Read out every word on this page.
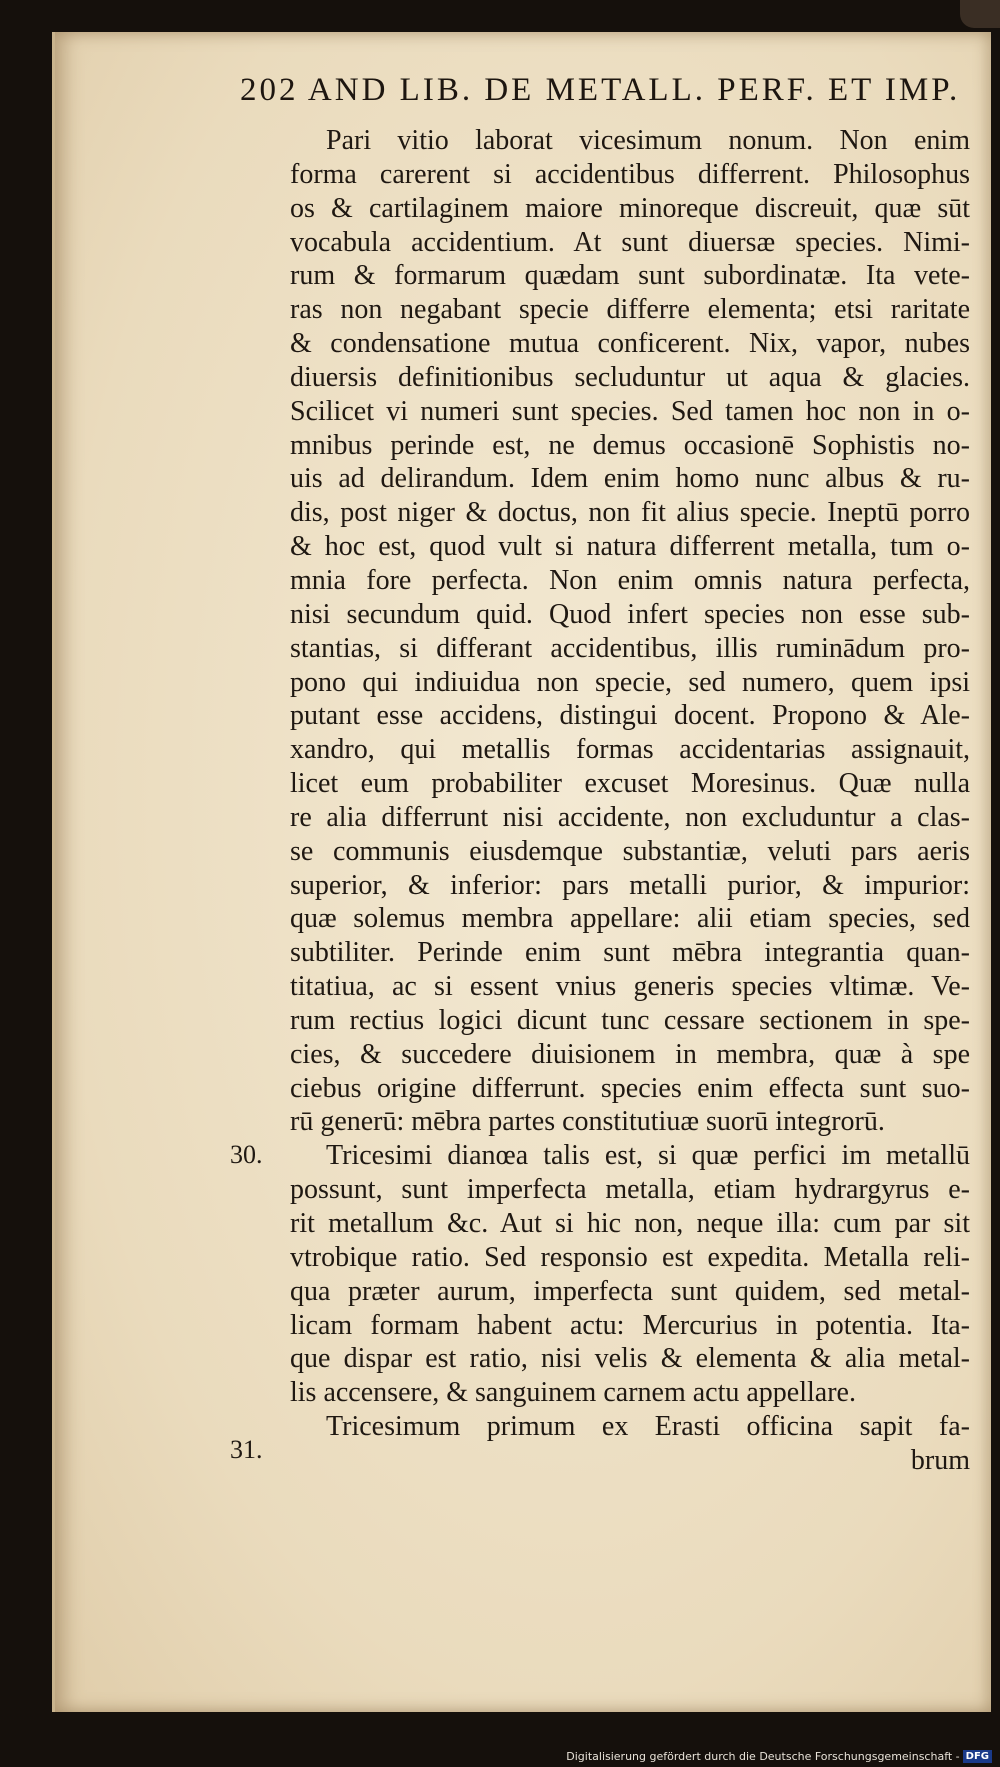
202 AND LIB. DE METALL. PERF. ET IMP.
30.
31.
Pari vitio laborat vicesimum nonum. Non enim
forma carerent si accidentibus differrent. Philosophus
os & cartilaginem maiore minoreque discreuit, quæ sūt
vocabula accidentium. At sunt diuersæ species. Nimi-
rum & formarum quædam sunt subordinatæ. Ita vete-
ras non negabant specie differre elementa; etsi raritate
& condensatione mutua conficerent. Nix, vapor, nubes
diuersis definitionibus secluduntur ut aqua & glacies.
Scilicet vi numeri sunt species. Sed tamen hoc non in o-
mnibus perinde est, ne demus occasionē Sophistis no-
uis ad delirandum. Idem enim homo nunc albus & ru-
dis, post niger & doctus, non fit alius specie. Ineptū porro
& hoc est, quod vult si natura differrent metalla, tum o-
mnia fore perfecta. Non enim omnis natura perfecta,
nisi secundum quid. Quod infert species non esse sub-
stantias, si differant accidentibus, illis ruminādum pro-
pono qui indiuidua non specie, sed numero, quem ipsi
putant esse accidens, distingui docent. Propono & Ale-
xandro, qui metallis formas accidentarias assignauit,
licet eum probabiliter excuset Moresinus. Quæ nulla
re alia differrunt nisi accidente, non excluduntur a clas-
se communis eiusdemque substantiæ, veluti pars aeris
superior, & inferior: pars metalli purior, & impurior:
quæ solemus membra appellare: alii etiam species, sed
subtiliter. Perinde enim sunt mēbra integrantia quan-
titatiua, ac si essent vnius generis species vltimæ. Ve-
rum rectius logici dicunt tunc cessare sectionem in spe-
cies, & succedere diuisionem in membra, quæ à spe
ciebus origine differrunt. species enim effecta sunt suo-
rū generū: mēbra partes constitutiuæ suorū integrorū.
Tricesimi dianœa talis est, si quæ perfici im metallū
possunt, sunt imperfecta metalla, etiam hydrargyrus e-
rit metallum &c. Aut si hic non, neque illa: cum par sit
vtrobique ratio. Sed responsio est expedita. Metalla reli-
qua præter aurum, imperfecta sunt quidem, sed metal-
licam formam habent actu: Mercurius in potentia. Ita-
que dispar est ratio, nisi velis & elementa & alia metal-
lis accensere, & sanguinem carnem actu appellare.
Tricesimum primum ex Erasti officina sapit fa-
brum
Digitalisierung gefördert durch die Deutsche Forschungsgemeinschaft - DFG
